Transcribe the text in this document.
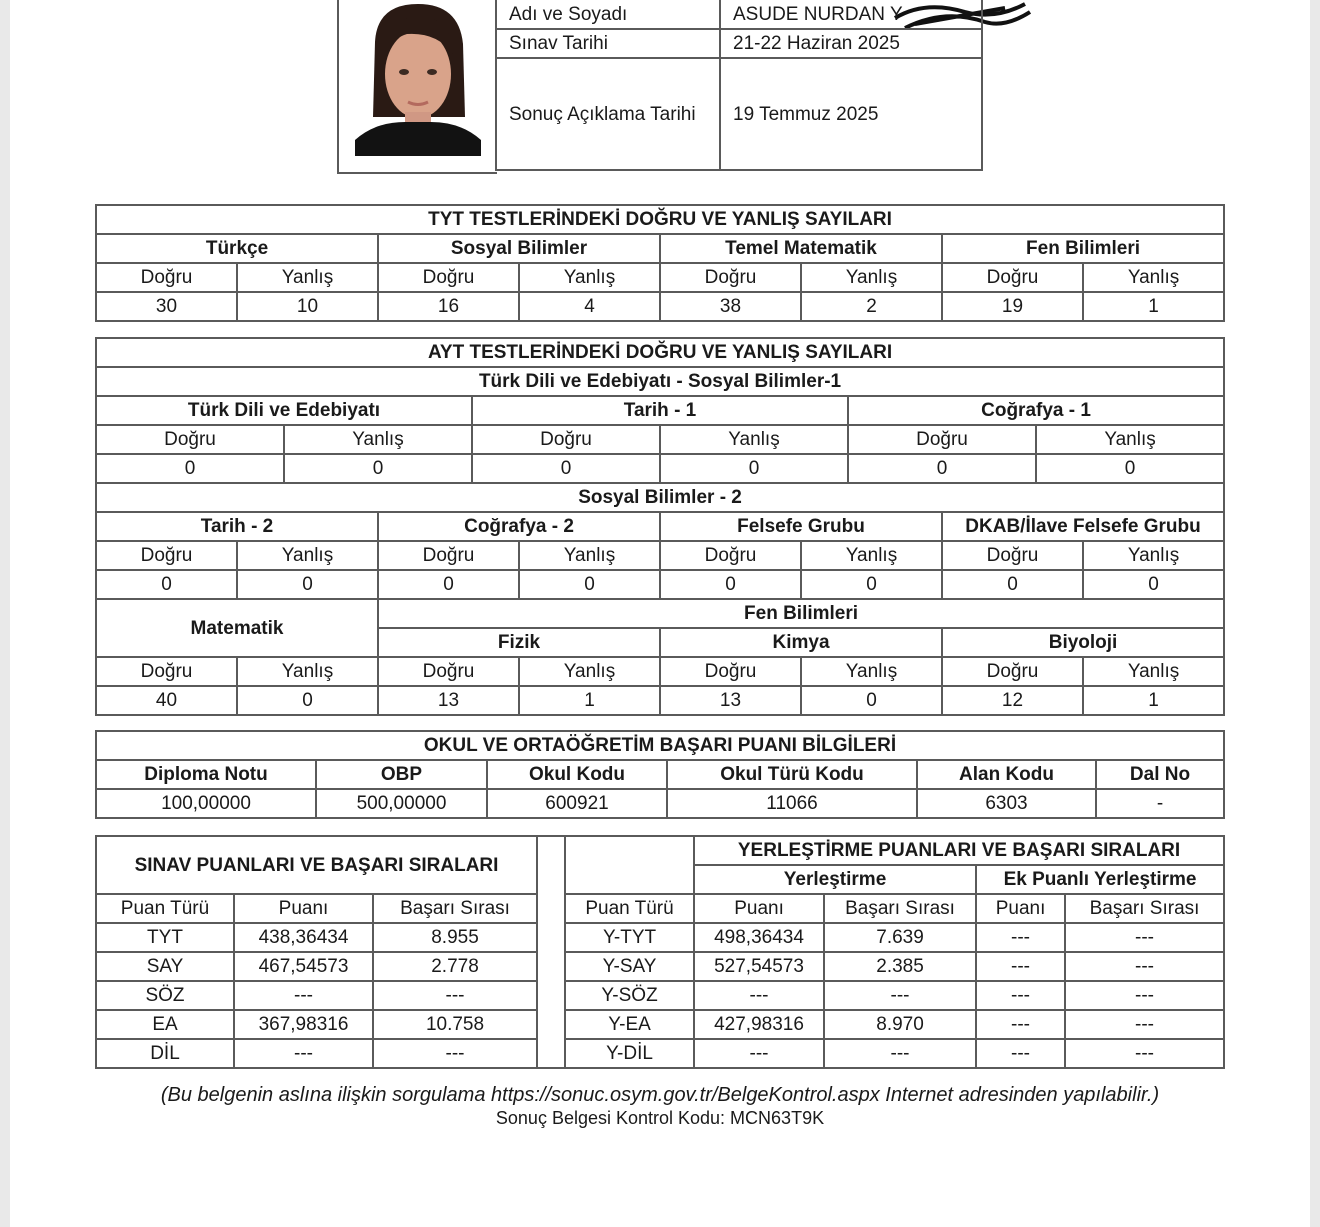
Adı ve Soyadı	ASUDE NURDAN Y
Sınav Tarihi	21-22 Haziran 2025
Sonuç Açıklama Tarihi	19 Temmuz 2025
TYT TESTLERİNDEKİ DOĞRU VE YANLIŞ SAYILARI							
Türkçe		Sosyal Bilimler		Temel Matematik		Fen Bilimleri	
Doğru	Yanlış	Doğru	Yanlış	Doğru	Yanlış	Doğru	Yanlış
30	10	16	4	38	2	19	1
AYT TESTLERİNDEKİ DOĞRU VE YANLIŞ SAYILARI											
Türk Dili ve Edebiyatı - Sosyal Bilimler-1											
Türk Dili ve Edebiyatı				Tarih - 1				Coğrafya - 1			
Doğru		Yanlış		Doğru		Yanlış		Doğru		Yanlış	
0		0		0		0		0		0	
Sosyal Bilimler - 2											
Tarih - 2			Coğrafya - 2			Felsefe Grubu			DKAB/İlave Felsefe Grubu		
Doğru	Yanlış		Doğru		Yanlış	Doğru	Yanlış		Doğru		Yanlış
0	0		0		0	0	0		0		0
Matematik			Fen Bilimleri								
			Fizik			Kimya			Biyoloji		
Doğru	Yanlış		Doğru		Yanlış	Doğru	Yanlış		Doğru		Yanlış
40	0		13		1	13	0		12		1
OKUL VE ORTAÖĞRETİM BAŞARI PUANI BİLGİLERİ					
Diploma Notu	OBP	Okul Kodu	Okul Türü Kodu	Alan Kodu	Dal No
100,00000	500,00000	600921	11066	6303	-
SINAV PUANLARI VE BAŞARI SIRALARI					YERLEŞTİRME PUANLARI VE BAŞARI SIRALARI			
					Yerleştirme		Ek Puanlı Yerleştirme	
Puan Türü	Puanı	Başarı Sırası		Puan Türü	Puanı	Başarı Sırası	Puanı	Başarı Sırası
TYT	438,36434	8.955		Y-TYT	498,36434	7.639	---	---
SAY	467,54573	2.778		Y-SAY	527,54573	2.385	---	---
SÖZ	---	---		Y-SÖZ	---	---	---	---
EA	367,98316	10.758		Y-EA	427,98316	8.970	---	---
DİL	---	---		Y-DİL	---	---	---	---
(Bu belgenin aslına ilişkin sorgulama https://sonuc.osym.gov.tr/BelgeKontrol.aspx Internet adresinden yapılabilir.)
Sonuç Belgesi Kontrol Kodu: MCN63T9K
